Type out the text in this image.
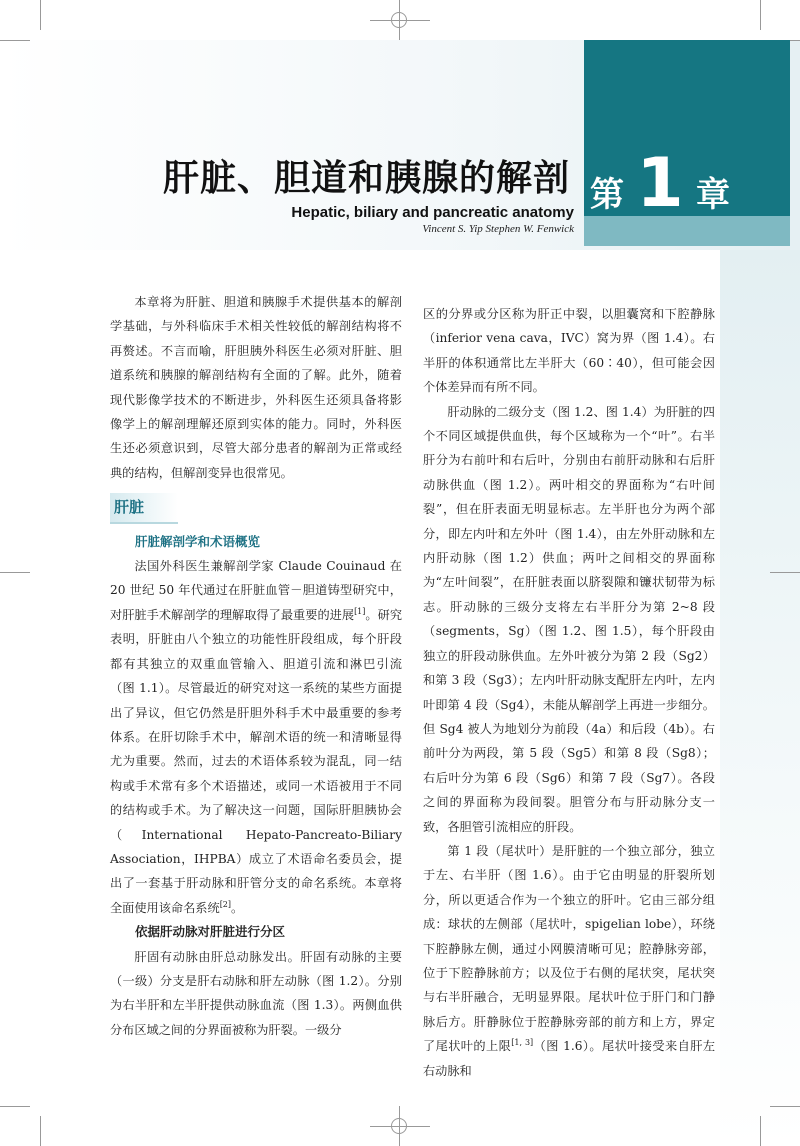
第 1 章
肝脏、胆道和胰腺的解剖
Hepatic, biliary and pancreatic anatomy
Vincent S. Yip Stephen W. Fenwick

本章将为肝脏、胆道和胰腺手术提供基本的解剖学基础，与外科临床手术相关性较低的解剖结构将不再赘述。不言而喻，肝胆胰外科医生必须对肝脏、胆道系统和胰腺的解剖结构有全面的了解。此外，随着现代影像学技术的不断进步，外科医生还须具备将影像学上的解剖理解还原到实体的能力。同时，外科医生还必须意识到，尽管大部分患者的解剖为正常或经典的结构，但解剖变异也很常见。

肝脏
肝脏解剖学和术语概览

法国外科医生兼解剖学家 Claude Couinaud 在 20 世纪 50 年代通过在肝脏血管－胆道铸型研究中，对肝脏手术解剖学的理解取得了最重要的进展[1]。研究表明，肝脏由八个独立的功能性肝段组成，每个肝段都有其独立的双重血管输入、胆道引流和淋巴引流（图 1.1）。尽管最近的研究对这一系统的某些方面提出了异议，但它仍然是肝胆外科手术中最重要的参考体系。在肝切除手术中，解剖术语的统一和清晰显得尤为重要。然而，过去的术语体系较为混乱，同一结构或手术常有多个术语描述，或同一术语被用于不同的结构或手术。为了解决这一问题，国际肝胆胰协会（International Hepato-Pancreato-Biliary Association，IHPBA）成立了术语命名委员会，提出了一套基于肝动脉和肝管分支的命名系统。本章将全面使用该命名系统[2]。

依据肝动脉对肝脏进行分区

肝固有动脉由肝总动脉发出。肝固有动脉的主要（一级）分支是肝右动脉和肝左动脉（图 1.2）。分别为右半肝和左半肝提供动脉血流（图 1.3）。两侧血供分布区域之间的分界面被称为肝裂。一级分

区的分界或分区称为肝正中裂，以胆囊窝和下腔静脉（inferior vena cava，IVC）窝为界（图 1.4）。右半肝的体积通常比左半肝大（60∶40），但可能会因个体差异而有所不同。

肝动脉的二级分支（图 1.2、图 1.4）为肝脏的四个不同区域提供血供，每个区域称为一个“叶”。右半肝分为右前叶和右后叶，分别由右前肝动脉和右后肝动脉供血（图 1.2）。两叶相交的界面称为“右叶间裂”，但在肝表面无明显标志。左半肝也分为两个部分，即左内叶和左外叶（图 1.4），由左外肝动脉和左内肝动脉（图 1.2）供血；两叶之间相交的界面称为“左叶间裂”，在肝脏表面以脐裂隙和镰状韧带为标志。肝动脉的三级分支将左右半肝分为第 2~8 段（segments，Sg）（图 1.2、图 1.5），每个肝段由独立的肝段动脉供血。左外叶被分为第 2 段（Sg2）和第 3 段（Sg3）；左内叶肝动脉支配肝左内叶，左内叶即第 4 段（Sg4），未能从解剖学上再进一步细分。但 Sg4 被人为地划分为前段（4a）和后段（4b）。右前叶分为两段，第 5 段（Sg5）和第 8 段（Sg8）；右后叶分为第 6 段（Sg6）和第 7 段（Sg7）。各段之间的界面称为段间裂。胆管分布与肝动脉分支一致，各胆管引流相应的肝段。

第 1 段（尾状叶）是肝脏的一个独立部分，独立于左、右半肝（图 1.6）。由于它由明显的肝裂所划分，所以更适合作为一个独立的肝叶。它由三部分组成：球状的左侧部（尾状叶，spigelian lobe），环绕下腔静脉左侧，通过小网膜清晰可见；腔静脉旁部，位于下腔静脉前方；以及位于右侧的尾状突，尾状突与右半肝融合，无明显界限。尾状叶位于肝门和门静脉后方。肝静脉位于腔静脉旁部的前方和上方，界定了尾状叶的上限[1, 3]（图 1.6）。尾状叶接受来自肝左右动脉和
